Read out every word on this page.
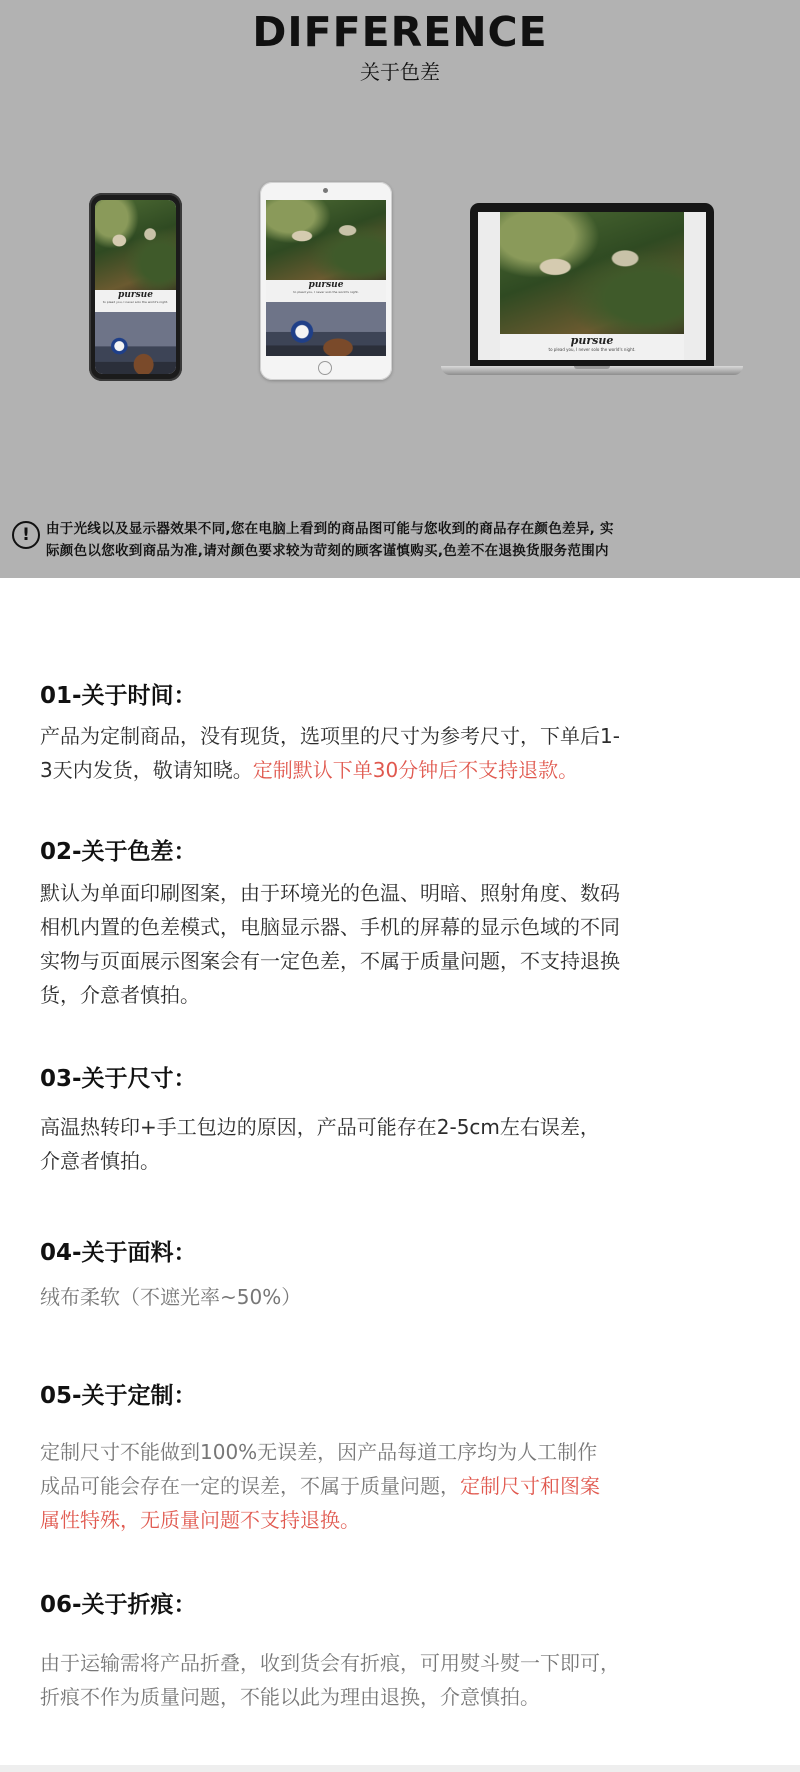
DIFFERENCE
关于色差
pursue
to plead you, I never solo the world's night.
pursue
to plead you, I never solo the world's night.
pursue
to plead you, I never solo the world's night.
!	由于光线以及显示器效果不同,您在电脑上看到的商品图可能与您收到的商品存在颜色差异, 实
际颜色以您收到商品为准,请对颜色要求较为苛刻的顾客谨慎购买,色差不在退换货服务范围内
01-关于时间：
产品为定制商品，没有现货，选项里的尺寸为参考尺寸，下单后1-
3天内发货，敬请知晓。定制默认下单30分钟后不支持退款。
02-关于色差：
默认为单面印刷图案，由于环境光的色温、明暗、照射角度、数码
相机内置的色差模式，电脑显示器、手机的屏幕的显示色域的不同
实物与页面展示图案会有一定色差，不属于质量问题，不支持退换
货，介意者慎拍。
03-关于尺寸：
高温热转印+手工包边的原因，产品可能存在2-5cm左右误差，
介意者慎拍。
04-关于面料：
绒布柔软（不遮光率~50%）
05-关于定制：
定制尺寸不能做到100%无误差，因产品每道工序均为人工制作
成品可能会存在一定的误差，不属于质量问题，定制尺寸和图案
属性特殊，无质量问题不支持退换。
06-关于折痕：
由于运输需将产品折叠，收到货会有折痕，可用熨斗熨一下即可，
折痕不作为质量问题，不能以此为理由退换，介意慎拍。
